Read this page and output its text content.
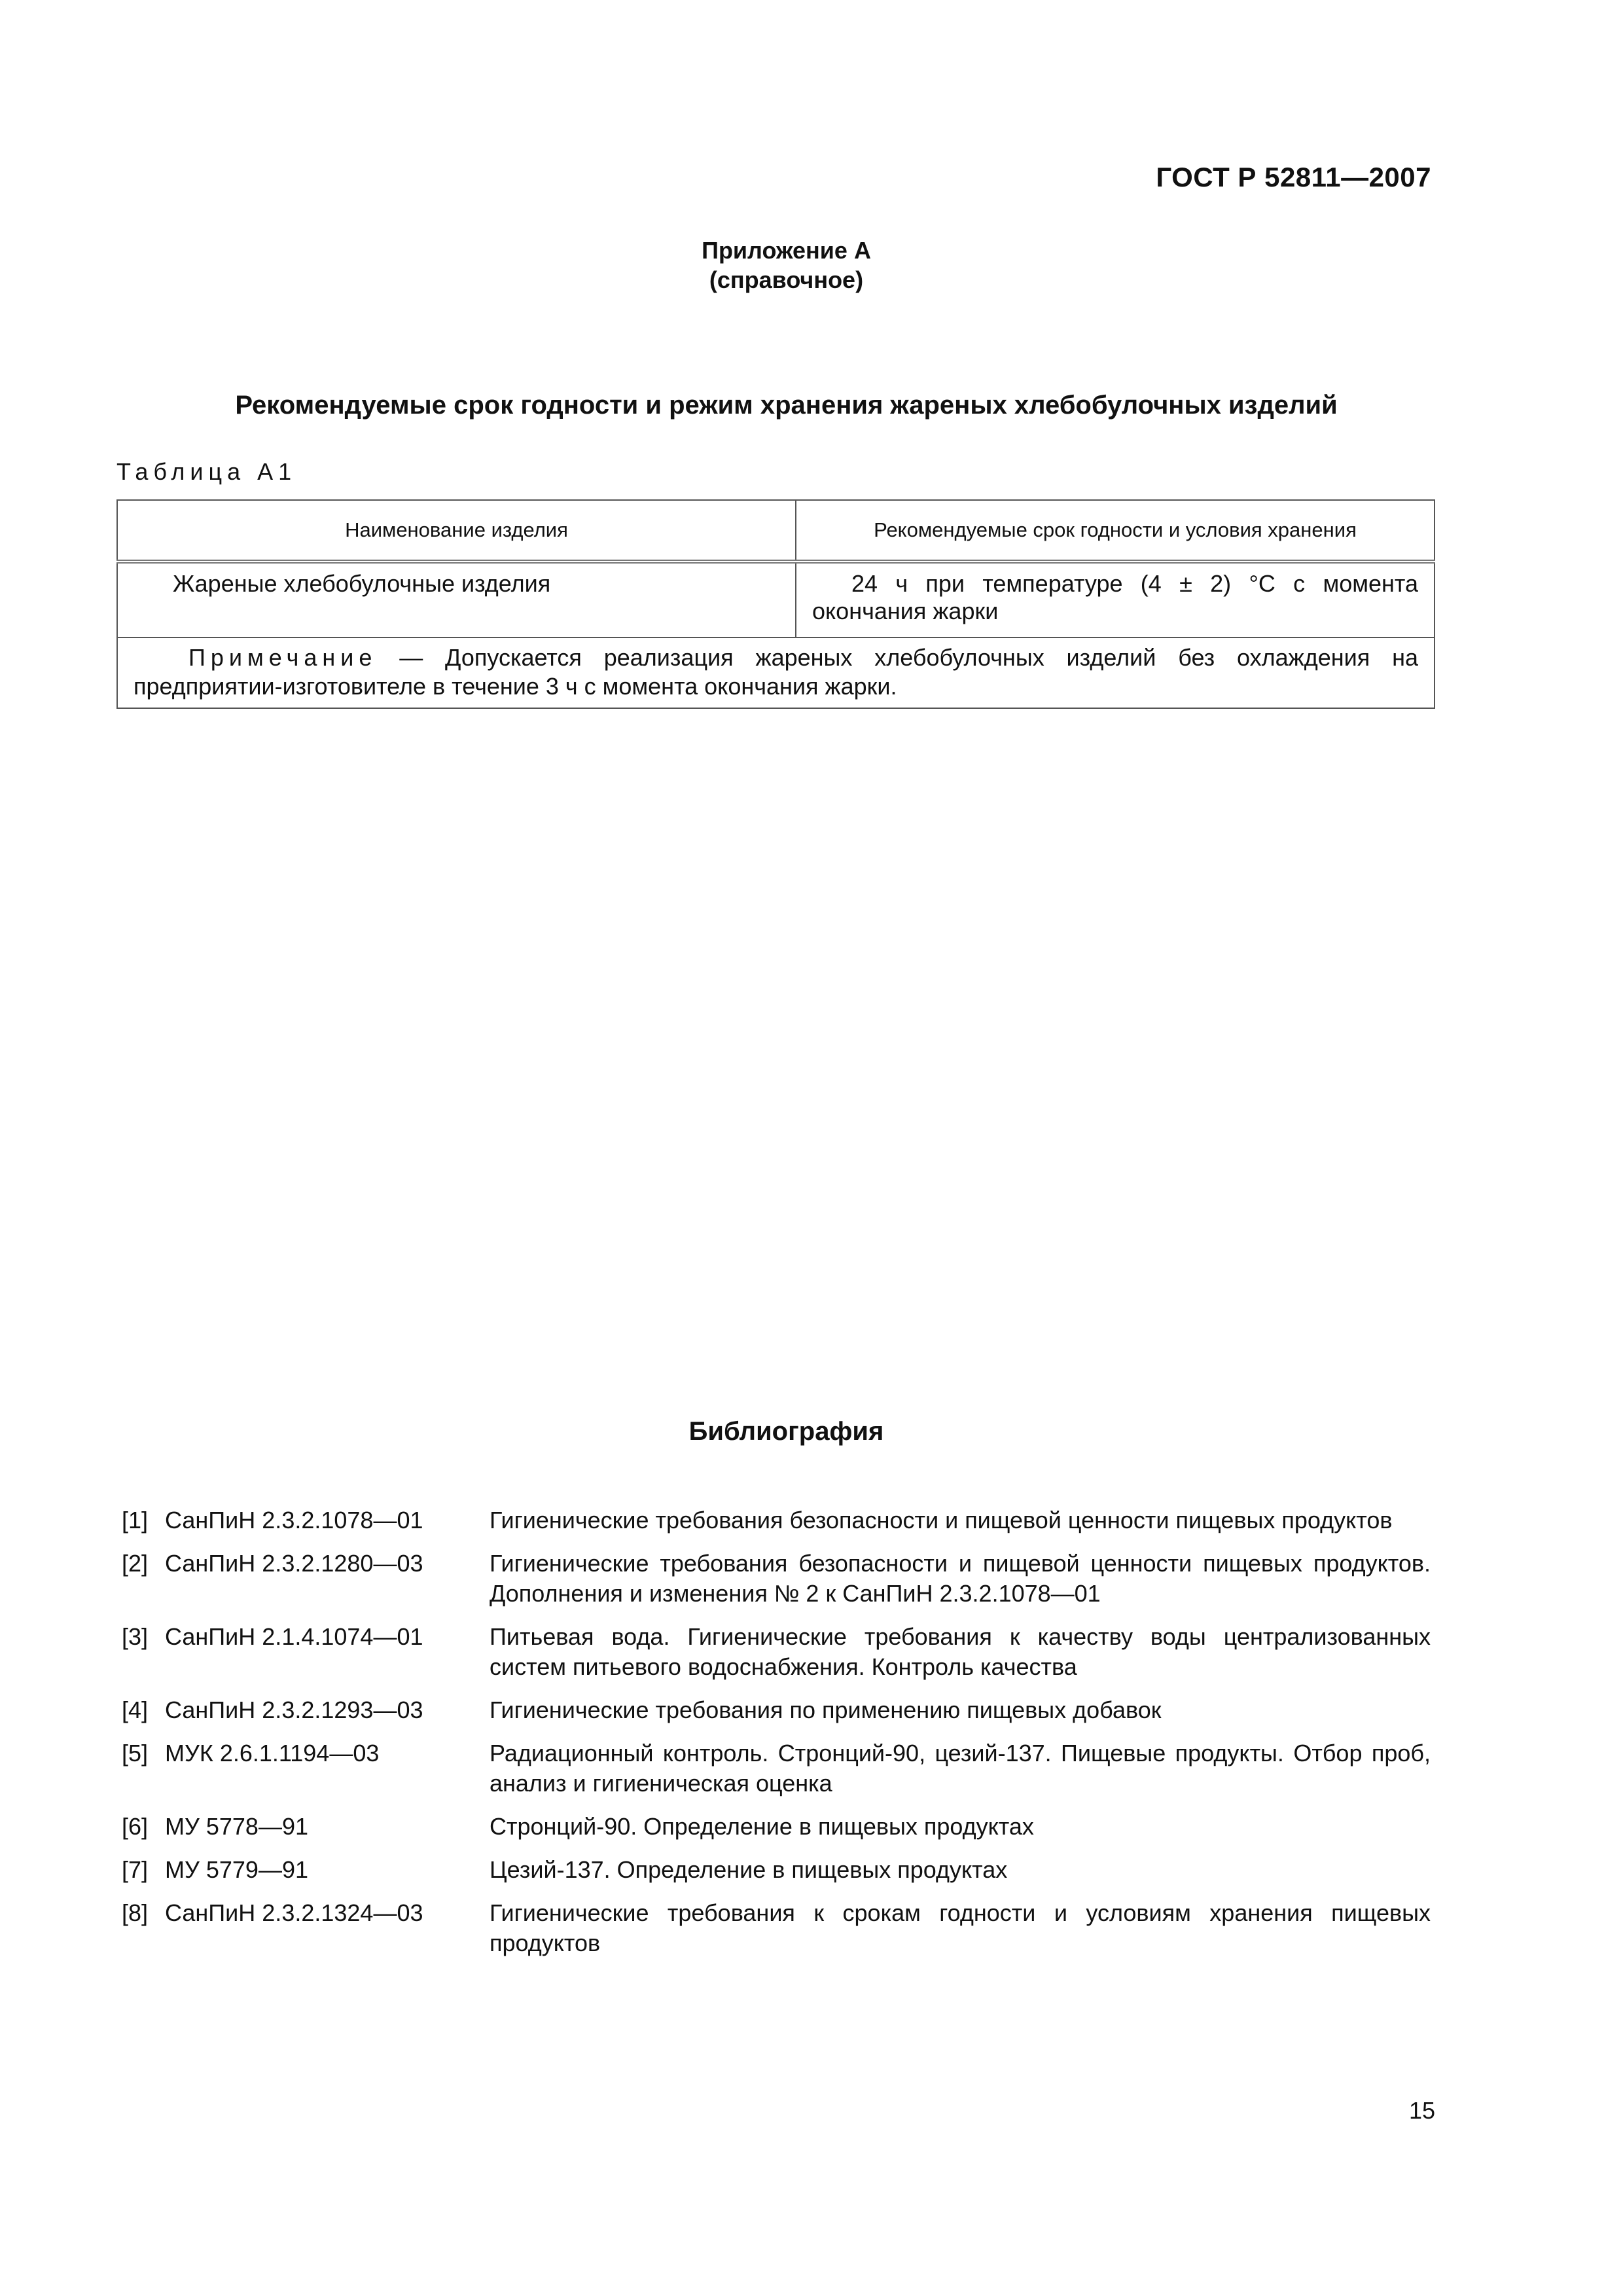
ГОСТ Р 52811—2007
Приложение А
(справочное)
Рекомендуемые срок годности и режим хранения жареных хлебобулочных изделий
Таблица А1
Наименование изделия	Рекомендуемые срок годности и условия хранения
Жареные хлебобулочные изделия	24 ч при температуре (4 ± 2) °С с момента окончания жарки
Примечание — Допускается реализация жареных хлебобулочных изделий без охлаждения на предприятии-изготовителе в течение 3 ч с момента окончания жарки.	
Библиография
[1] СанПиН 2.3.2.1078—01	Гигиенические требования безопасности и пищевой ценности пищевых продуктов
[2] СанПиН 2.3.2.1280—03	Гигиенические требования безопасности и пищевой ценности пищевых продуктов. Дополнения и изменения № 2 к СанПиН 2.3.2.1078—01
[3] СанПиН 2.1.4.1074—01	Питьевая вода. Гигиенические требования к качеству воды централизованных систем питьевого водоснабжения. Контроль качества
[4] СанПиН 2.3.2.1293—03	Гигиенические требования по применению пищевых добавок
[5] МУК 2.6.1.1194—03	Радиационный контроль. Стронций-90, цезий-137. Пищевые продукты. Отбор проб, анализ и гигиеническая оценка
[6] МУ 5778—91	Стронций-90. Определение в пищевых продуктах
[7] МУ 5779—91	Цезий-137. Определение в пищевых продуктах
[8] СанПиН 2.3.2.1324—03	Гигиенические требования к срокам годности и условиям хранения пищевых продуктов
15
